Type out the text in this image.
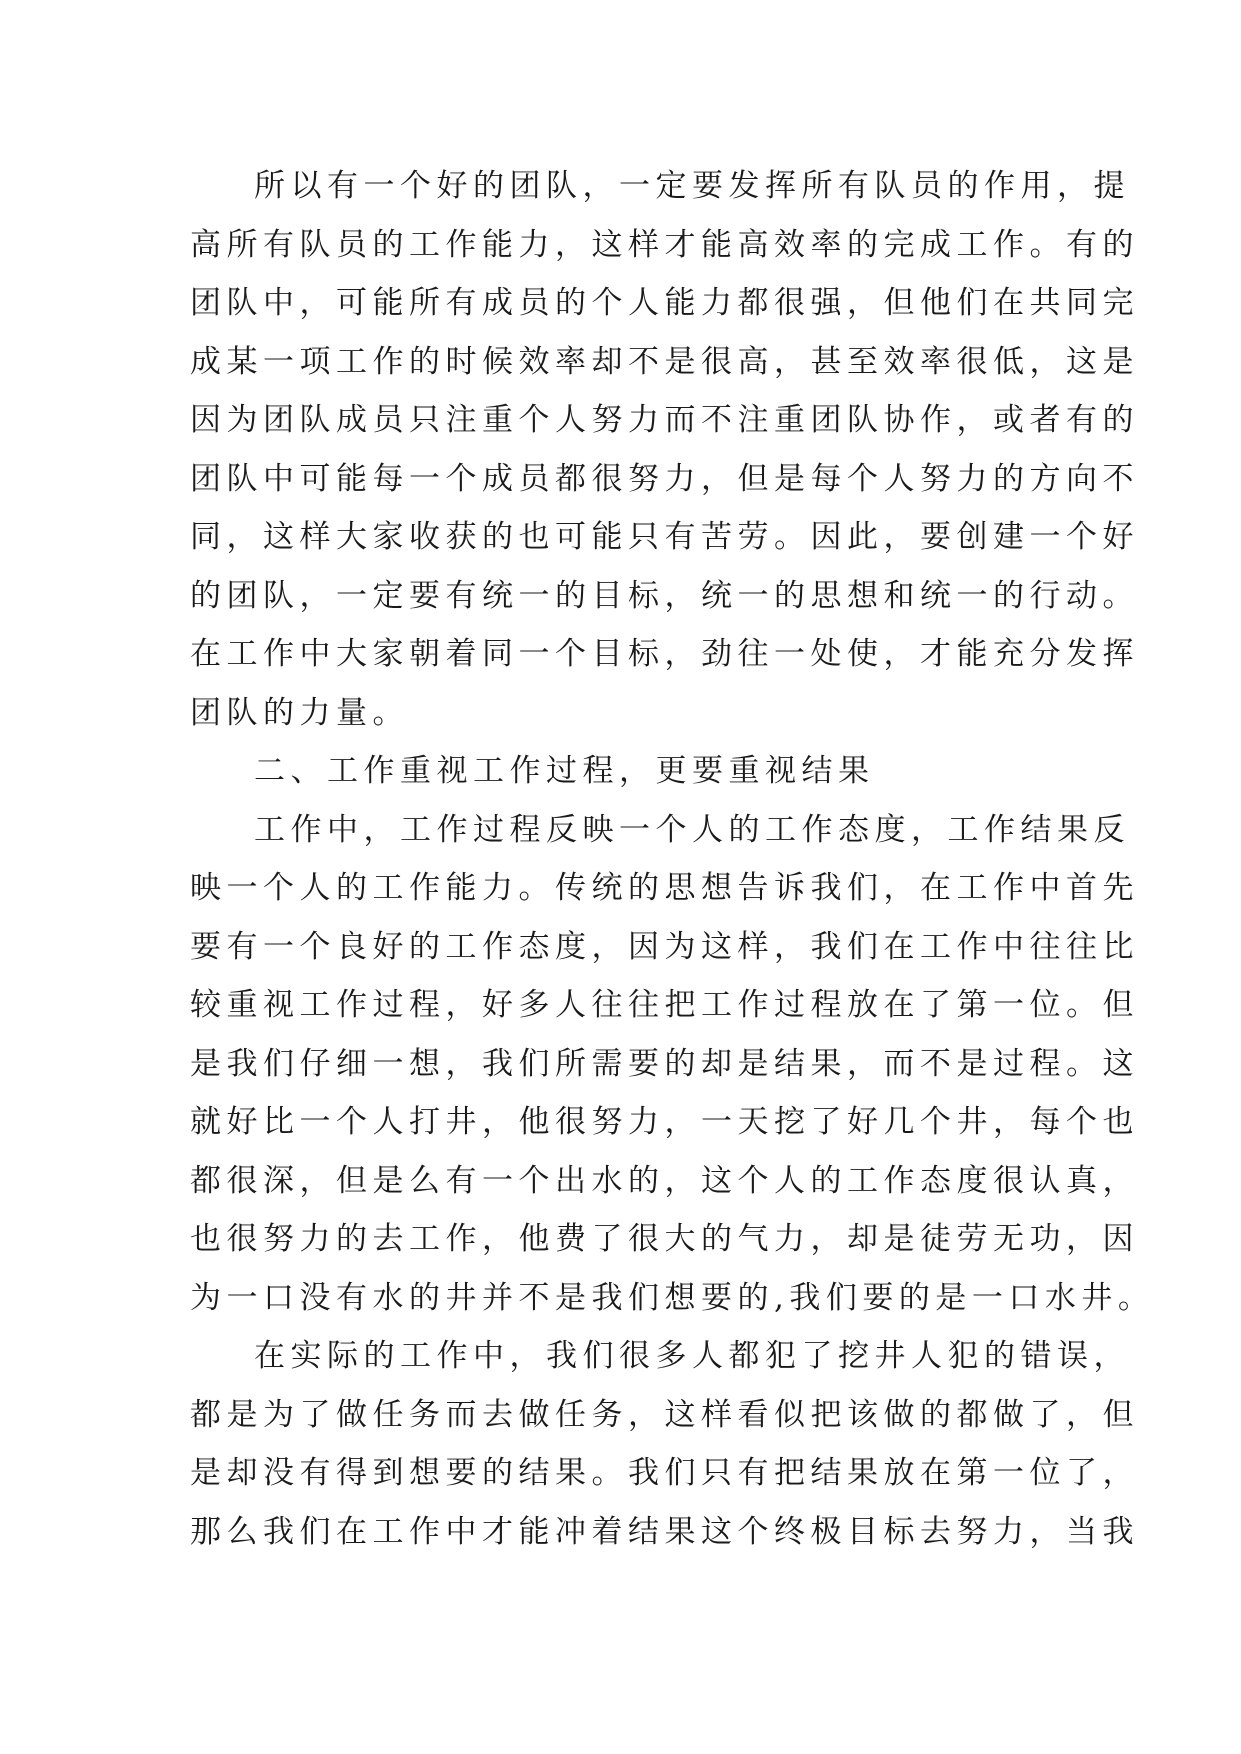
所以有一个好的团队，一定要发挥所有队员的作用，提
高所有队员的工作能力，这样才能高效率的完成工作。有的
团队中，可能所有成员的个人能力都很强，但他们在共同完
成某一项工作的时候效率却不是很高，甚至效率很低，这是
因为团队成员只注重个人努力而不注重团队协作，或者有的
团队中可能每一个成员都很努力，但是每个人努力的方向不
同，这样大家收获的也可能只有苦劳。因此，要创建一个好
的团队，一定要有统一的目标，统一的思想和统一的行动。
在工作中大家朝着同一个目标，劲往一处使，才能充分发挥
团队的力量。
二、工作重视工作过程，更要重视结果
工作中，工作过程反映一个人的工作态度，工作结果反
映一个人的工作能力。传统的思想告诉我们，在工作中首先
要有一个良好的工作态度，因为这样，我们在工作中往往比
较重视工作过程，好多人往往把工作过程放在了第一位。但
是我们仔细一想，我们所需要的却是结果，而不是过程。这
就好比一个人打井，他很努力，一天挖了好几个井，每个也
都很深，但是么有一个出水的，这个人的工作态度很认真，
也很努力的去工作，他费了很大的气力，却是徒劳无功，因
为一口没有水的井并不是我们想要的,我们要的是一口水井。
在实际的工作中，我们很多人都犯了挖井人犯的错误，
都是为了做任务而去做任务，这样看似把该做的都做了，但
是却没有得到想要的结果。我们只有把结果放在第一位了，
那么我们在工作中才能冲着结果这个终极目标去努力，当我
